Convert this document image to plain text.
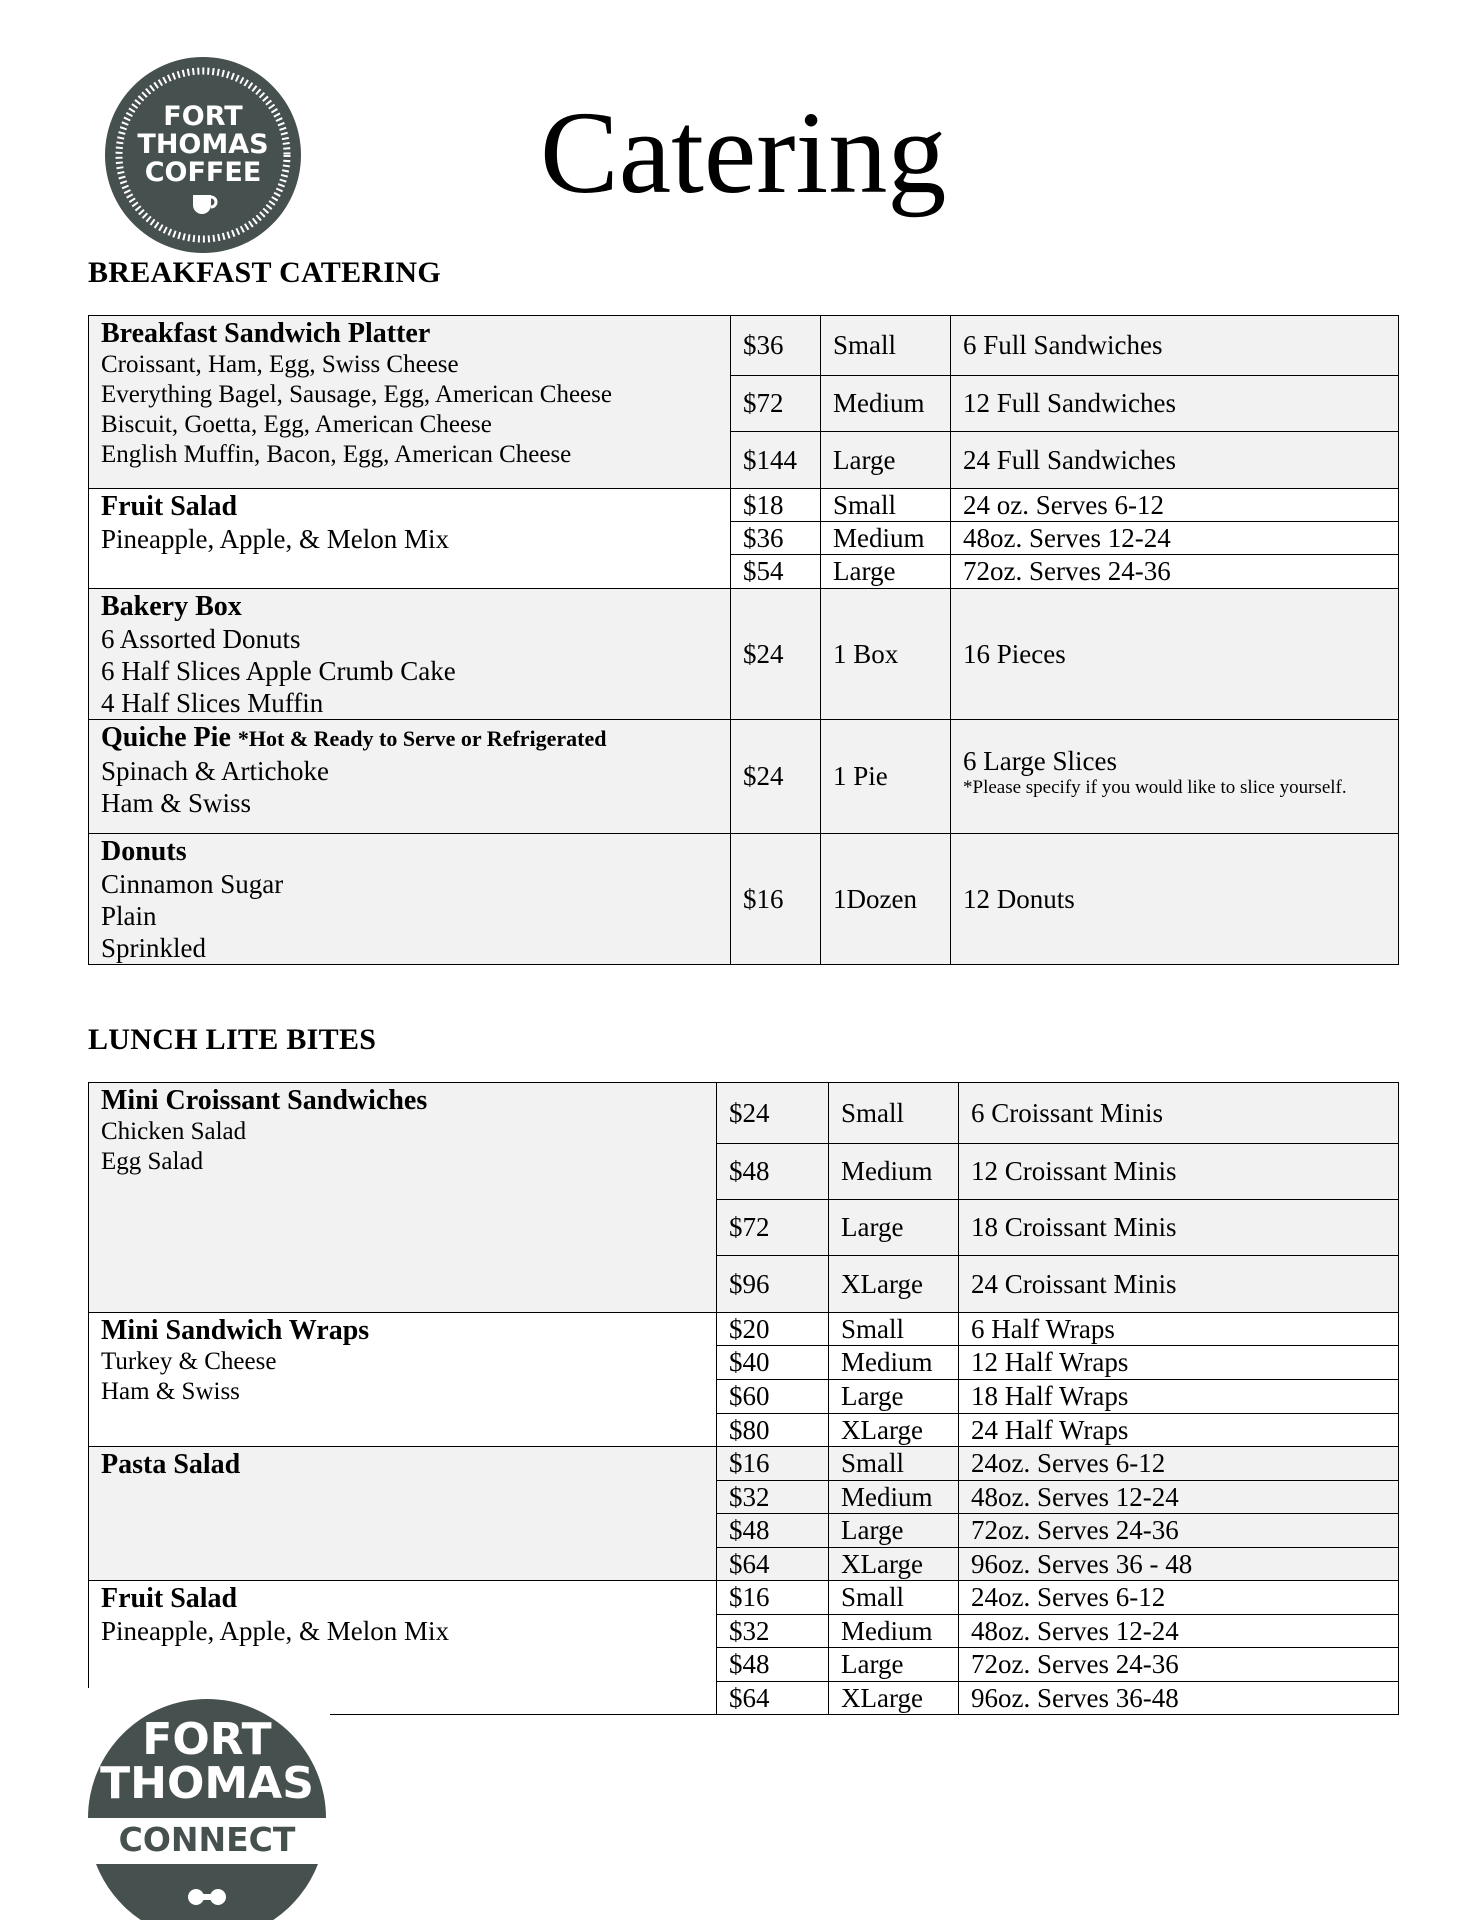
FORT
THOMAS
COFFEE Catering
BREAKFAST CATERING
Breakfast Sandwich Platter
Croissant, Ham, Egg, Swiss Cheese
Everything Bagel, Sausage, Egg, American Cheese
Biscuit, Goetta, Egg, American Cheese
English Muffin, Bacon, Egg, American Cheese	$36	Small	6 Full Sandwiches
	$72	Medium	12 Full Sandwiches
	$144	Large	24 Full Sandwiches

Fruit Salad
Pineapple, Apple, & Melon Mix	$18	Small	24 oz. Serves 6-12
	$36	Medium	48oz. Serves 12-24
	$54	Large	72oz. Serves 24-36

Bakery Box
6 Assorted Donuts
6 Half Slices Apple Crumb Cake
4 Half Slices Muffin	$24	1 Box	16 Pieces

Quiche Pie *Hot & Ready to Serve or Refrigerated
Spinach & Artichoke
Ham & Swiss	$24	1 Pie	6 Large Slices
*Please specify if you would like to slice yourself.

Donuts
Cinnamon Sugar
Plain
Sprinkled	$16	1Dozen	12 Donuts
LUNCH LITE BITES
Mini Croissant Sandwiches
Chicken Salad
Egg Salad	$24	Small	6 Croissant Minis
	$48	Medium	12 Croissant Minis
	$72	Large	18 Croissant Minis
	$96	XLarge	24 Croissant Minis

Mini Sandwich Wraps
Turkey & Cheese
Ham & Swiss	$20	Small	6 Half Wraps
	$40	Medium	12 Half Wraps
	$60	Large	18 Half Wraps
	$80	XLarge	24 Half Wraps

Pasta Salad	$16	Small	24oz. Serves 6-12
	$32	Medium	48oz. Serves 12-24
	$48	Large	72oz. Serves 24-36
	$64	XLarge	96oz. Serves 36 - 48

Fruit Salad
Pineapple, Apple, & Melon Mix	$16	Small	24oz. Serves 6-12
	$32	Medium	48oz. Serves 12-24
	$48	Large	72oz. Serves 24-36
	$64	XLarge	96oz. Serves 36-48
FORT
THOMAS
CONNECT
